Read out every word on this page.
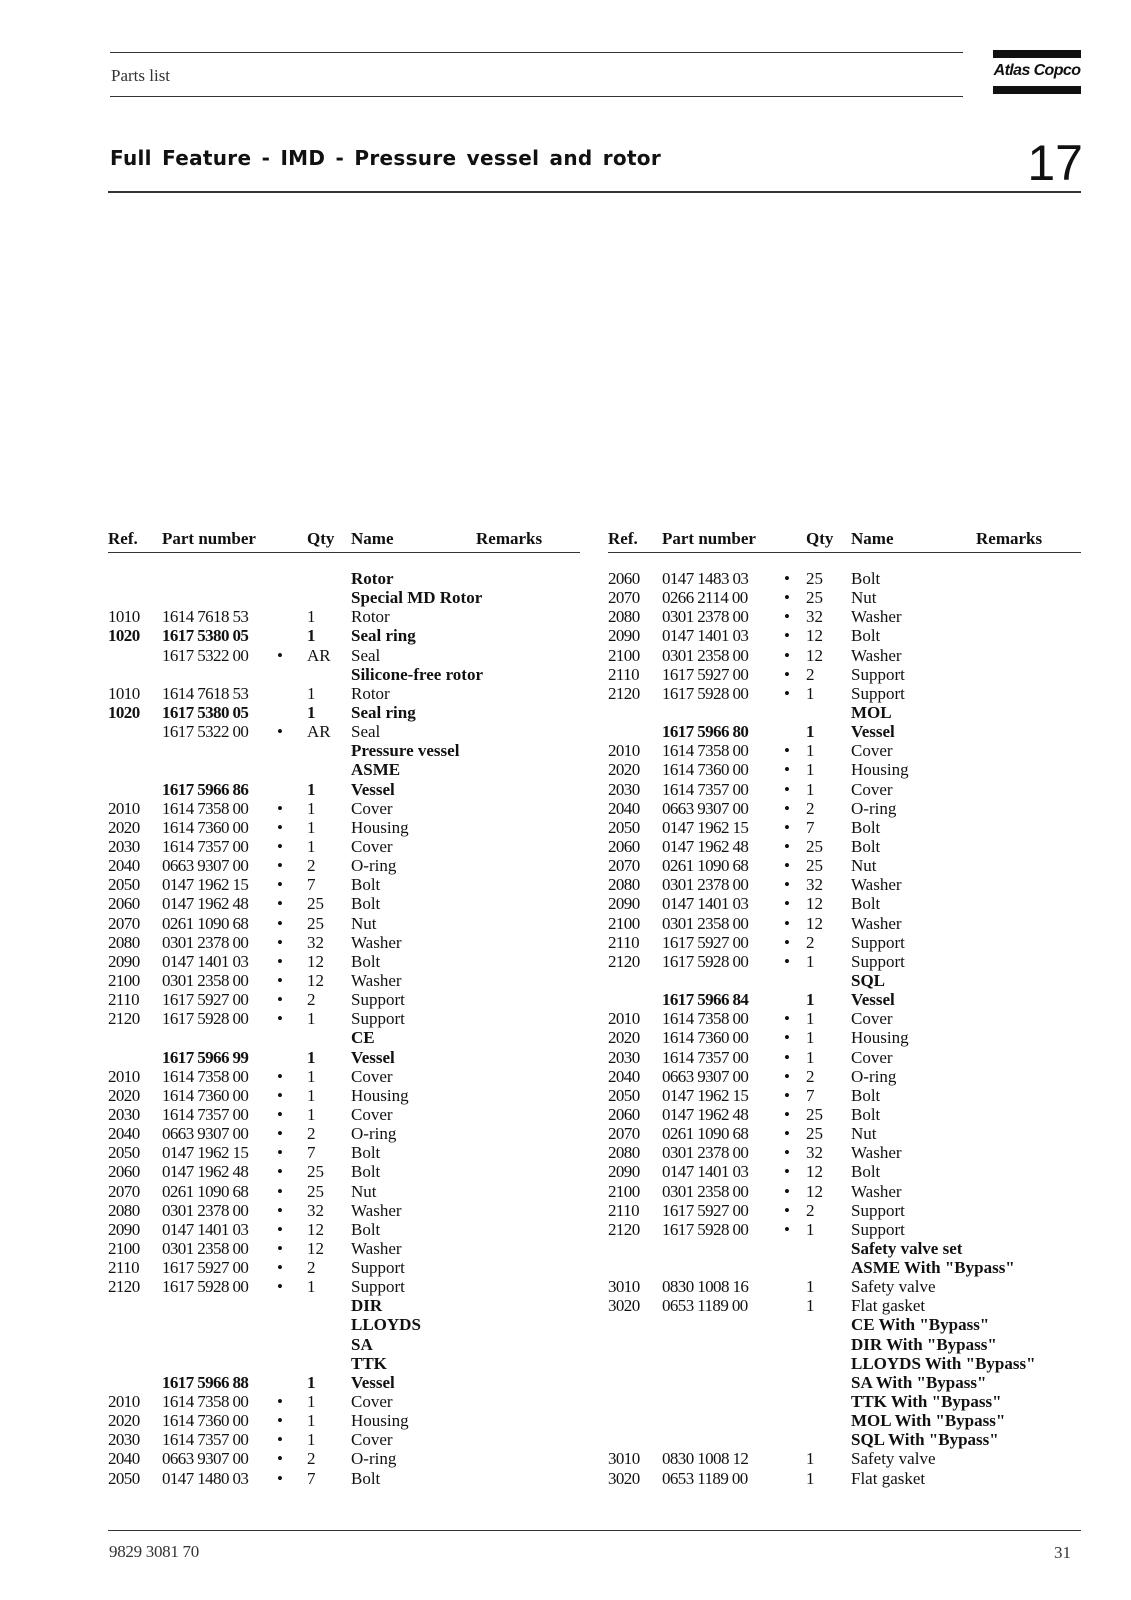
Parts list	Atlas Copco
Full Feature - IMD - Pressure vessel and rotor	17
Ref. Part number	Qty Name	Remarks	Ref. Part number	Qty Name	Remarks
Rotor
Special MD Rotor
1010 1614 7618 53	1 Rotor
1020 1617 5380 05	1 Seal ring
1617 5322 00 • AR Seal
Silicone-free rotor
1010 1614 7618 53	1 Rotor
1020 1617 5380 05	1 Seal ring
1617 5322 00 • AR Seal
Pressure vessel
ASME
1617 5966 86	1 Vessel
2010 1614 7358 00 • 1 Cover
2020 1614 7360 00 • 1 Housing
2030 1614 7357 00 • 1 Cover
2040 0663 9307 00 • 2 O-ring
2050 0147 1962 15 • 7 Bolt
2060 0147 1962 48 • 25 Bolt
2070 0261 1090 68 • 25 Nut
2080 0301 2378 00 • 32 Washer
2090 0147 1401 03 • 12 Bolt
2100 0301 2358 00 • 12 Washer
2110 1617 5927 00 • 2 Support
2120 1617 5928 00 • 1 Support
CE
1617 5966 99	1 Vessel
2010 1614 7358 00 • 1 Cover
2020 1614 7360 00 • 1 Housing
2030 1614 7357 00 • 1 Cover
2040 0663 9307 00 • 2 O-ring
2050 0147 1962 15 • 7 Bolt
2060 0147 1962 48 • 25 Bolt
2070 0261 1090 68 • 25 Nut
2080 0301 2378 00 • 32 Washer
2090 0147 1401 03 • 12 Bolt
2100 0301 2358 00 • 12 Washer
2110 1617 5927 00 • 2 Support
2120 1617 5928 00 • 1 Support
DIR
LLOYDS
SA
TTK
1617 5966 88	1 Vessel
2010 1614 7358 00 • 1 Cover
2020 1614 7360 00 • 1 Housing
2030 1614 7357 00 • 1 Cover
2040 0663 9307 00 • 2 O-ring
2050 0147 1480 03 • 7 Bolt
2060 0147 1483 03 • 25 Bolt
2070 0266 2114 00 • 25 Nut
2080 0301 2378 00 • 32 Washer
2090 0147 1401 03 • 12 Bolt
2100 0301 2358 00 • 12 Washer
2110 1617 5927 00 • 2 Support
2120 1617 5928 00 • 1 Support
MOL
1617 5966 80	1 Vessel
2010 1614 7358 00 • 1 Cover
2020 1614 7360 00 • 1 Housing
2030 1614 7357 00 • 1 Cover
2040 0663 9307 00 • 2 O-ring
2050 0147 1962 15 • 7 Bolt
2060 0147 1962 48 • 25 Bolt
2070 0261 1090 68 • 25 Nut
2080 0301 2378 00 • 32 Washer
2090 0147 1401 03 • 12 Bolt
2100 0301 2358 00 • 12 Washer
2110 1617 5927 00 • 2 Support
2120 1617 5928 00 • 1 Support
SQL
1617 5966 84	1 Vessel
2010 1614 7358 00 • 1 Cover
2020 1614 7360 00 • 1 Housing
2030 1614 7357 00 • 1 Cover
2040 0663 9307 00 • 2 O-ring
2050 0147 1962 15 • 7 Bolt
2060 0147 1962 48 • 25 Bolt
2070 0261 1090 68 • 25 Nut
2080 0301 2378 00 • 32 Washer
2090 0147 1401 03 • 12 Bolt
2100 0301 2358 00 • 12 Washer
2110 1617 5927 00 • 2 Support
2120 1617 5928 00 • 1 Support
Safety valve set
ASME With "Bypass"
3010 0830 1008 16	1 Safety valve
3020 0653 1189 00	1 Flat gasket
CE With "Bypass"
DIR With "Bypass"
LLOYDS With "Bypass"
SA With "Bypass"
TTK With "Bypass"
MOL With "Bypass"
SQL With "Bypass"
3010 0830 1008 12	1 Safety valve
3020 0653 1189 00	1 Flat gasket
9829 3081 70	31
